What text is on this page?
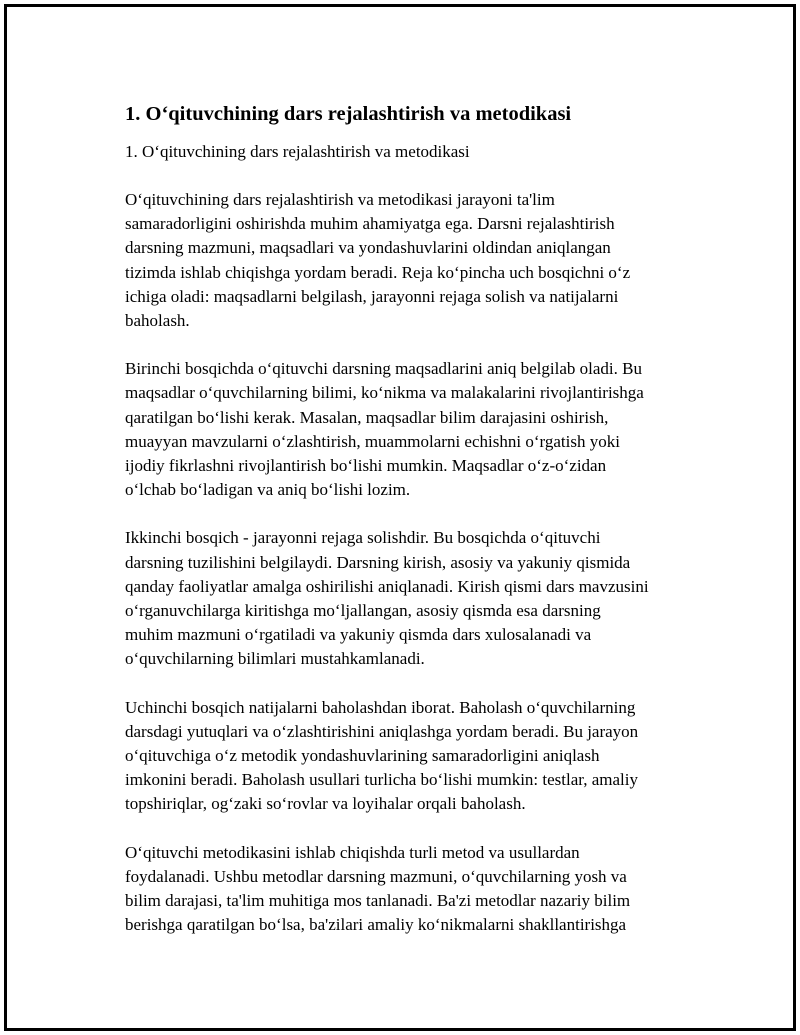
1. Oʻqituvchining dars rejalashtirish va metodikasi

1. Oʻqituvchining dars rejalashtirish va metodikasi

Oʻqituvchining dars rejalashtirish va metodikasi jarayoni ta'lim
samaradorligini oshirishda muhim ahamiyatga ega. Darsni rejalashtirish
darsning mazmuni, maqsadlari va yondashuvlarini oldindan aniqlangan
tizimda ishlab chiqishga yordam beradi. Reja koʻpincha uch bosqichni oʻz
ichiga oladi: maqsadlarni belgilash, jarayonni rejaga solish va natijalarni
baholash.

Birinchi bosqichda oʻqituvchi darsning maqsadlarini aniq belgilab oladi. Bu
maqsadlar oʻquvchilarning bilimi, koʻnikma va malakalarini rivojlantirishga
qaratilgan boʻlishi kerak. Masalan, maqsadlar bilim darajasini oshirish,
muayyan mavzularni oʻzlashtirish, muammolarni echishni oʻrgatish yoki
ijodiy fikrlashni rivojlantirish boʻlishi mumkin. Maqsadlar oʻz-oʻzidan
oʻlchab boʻladigan va aniq boʻlishi lozim.

Ikkinchi bosqich - jarayonni rejaga solishdir. Bu bosqichda oʻqituvchi
darsning tuzilishini belgilaydi. Darsning kirish, asosiy va yakuniy qismida
qanday faoliyatlar amalga oshirilishi aniqlanadi. Kirish qismi dars mavzusini
oʻrganuvchilarga kiritishga moʻljallangan, asosiy qismda esa darsning
muhim mazmuni oʻrgatiladi va yakuniy qismda dars xulosalanadi va
oʻquvchilarning bilimlari mustahkamlanadi.

Uchinchi bosqich natijalarni baholashdan iborat. Baholash oʻquvchilarning
darsdagi yutuqlari va oʻzlashtirishini aniqlashga yordam beradi. Bu jarayon
oʻqituvchiga oʻz metodik yondashuvlarining samaradorligini aniqlash
imkonini beradi. Baholash usullari turlicha boʻlishi mumkin: testlar, amaliy
topshiriqlar, ogʻzaki soʻrovlar va loyihalar orqali baholash.

Oʻqituvchi metodikasini ishlab chiqishda turli metod va usullardan
foydalanadi. Ushbu metodlar darsning mazmuni, oʻquvchilarning yosh va
bilim darajasi, ta'lim muhitiga mos tanlanadi. Ba'zi metodlar nazariy bilim
berishga qaratilgan boʻlsa, ba'zilari amaliy koʻnikmalarni shakllantirishga
